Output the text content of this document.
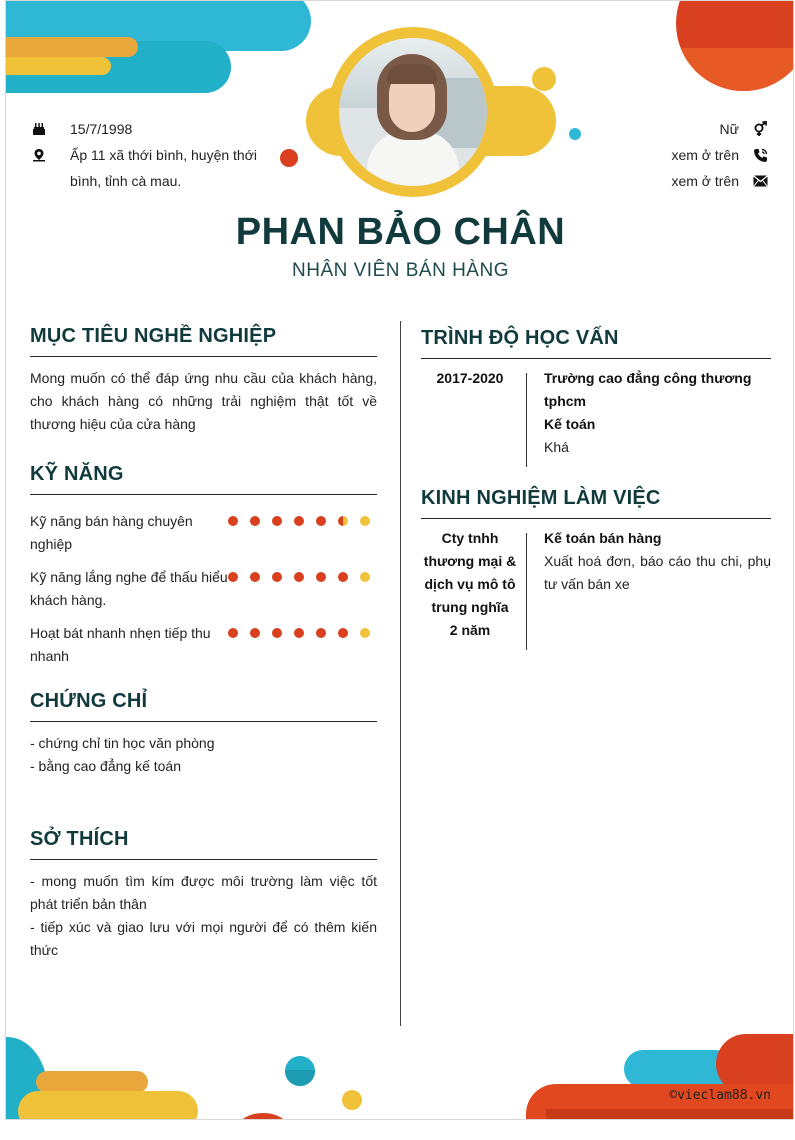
15/7/1998
Ấp 11 xã thới bình, huyện thới
bình, tỉnh cà mau.
Nữ
xem ở trên
xem ở trên
PHAN BẢO CHÂN
NHÂN VIÊN BÁN HÀNG
MỤC TIÊU NGHỀ NGHIỆP
Mong muốn có thể đáp ứng nhu cầu của khách hàng, cho khách hàng có những trải nghiệm thật tốt về thương hiệu của cửa hàng
KỸ NĂNG
Kỹ năng bán hàng chuyên nghiệp
Kỹ năng lắng nghe để thấu hiểu khách hàng.
Hoạt bát nhanh nhẹn tiếp thu nhanh
CHỨNG CHỈ
- chứng chỉ tin học văn phòng
- bằng cao đẳng kế toán
SỞ THÍCH
- mong muốn tìm kím được môi trường làm việc tốt phát triển bản thân
- tiếp xúc và giao lưu với mọi người để có thêm kiến thức
TRÌNH ĐỘ HỌC VẤN
2017-2020	Trường cao đẳng công thương tphcm
Kế toán
Khá
KINH NGHIỆM LÀM VIỆC
Cty tnhh thương mại & dịch vụ mô tô trung nghĩa
2 năm
Kế toán bán hàng
Xuất hoá đơn, báo cáo thu chi, phụ tư vấn bán xe
©vieclam88.vn
